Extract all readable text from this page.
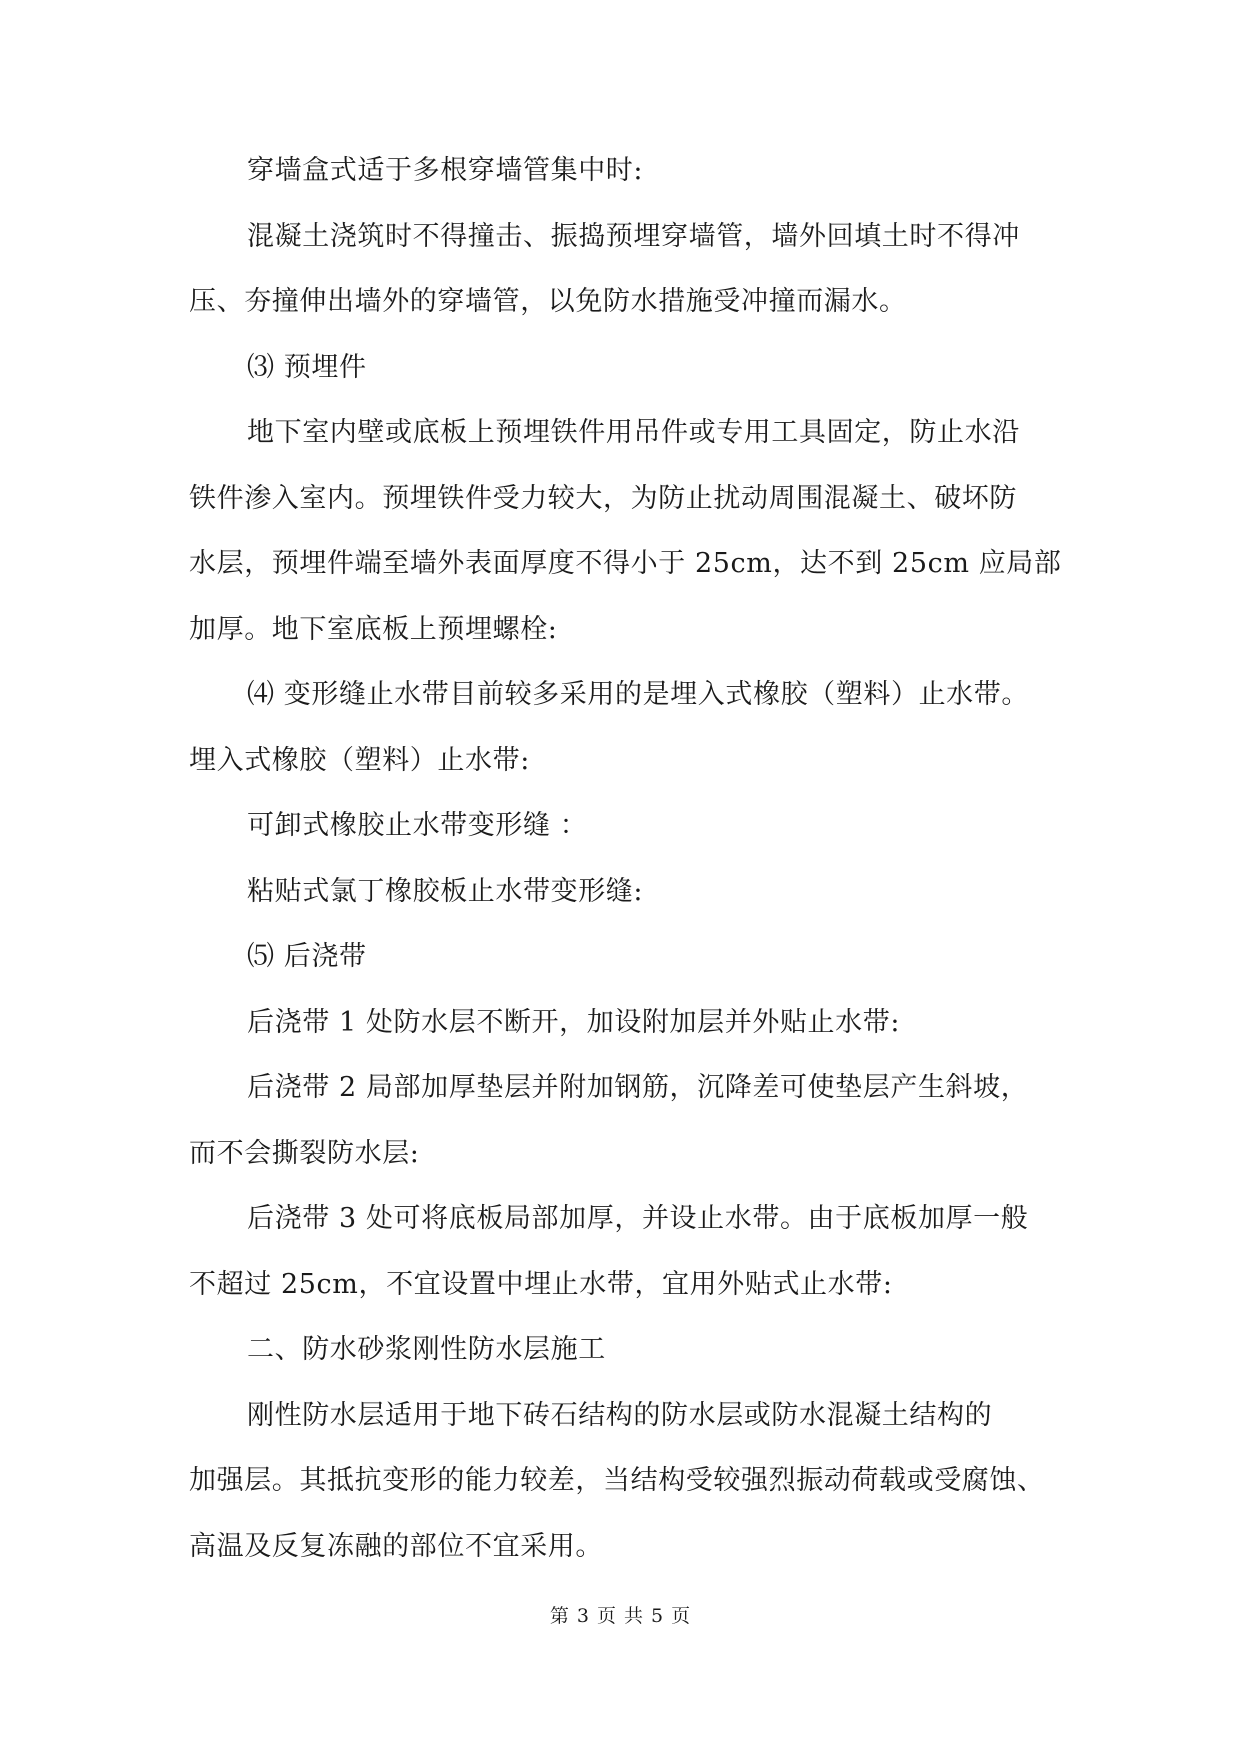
穿墙盒式适于多根穿墙管集中时:
混凝土浇筑时不得撞击、振捣预埋穿墙管，墙外回填土时不得冲
压、夯撞伸出墙外的穿墙管，以免防水措施受冲撞而漏水。
⑶ 预埋件
地下室内壁或底板上预埋铁件用吊件或专用工具固定，防止水沿
铁件渗入室内。预埋铁件受力较大，为防止扰动周围混凝土、破坏防
水层，预埋件端至墙外表面厚度不得小于 25cm，达不到 25cm 应局部
加厚。地下室底板上预埋螺栓:
⑷ 变形缝止水带目前较多采用的是埋入式橡胶（塑料）止水带。
埋入式橡胶（塑料）止水带:
可卸式橡胶止水带变形缝 ：
粘贴式氯丁橡胶板止水带变形缝:
⑸ 后浇带
后浇带 1 处防水层不断开，加设附加层并外贴止水带:
后浇带 2 局部加厚垫层并附加钢筋，沉降差可使垫层产生斜坡，
而不会撕裂防水层:
后浇带 3 处可将底板局部加厚，并设止水带。由于底板加厚一般
不超过 25cm，不宜设置中埋止水带，宜用外贴式止水带:
二、防水砂浆刚性防水层施工
刚性防水层适用于地下砖石结构的防水层或防水混凝土结构的
加强层。其抵抗变形的能力较差，当结构受较强烈振动荷载或受腐蚀、
高温及反复冻融的部位不宜采用。
第 3 页 共 5 页
